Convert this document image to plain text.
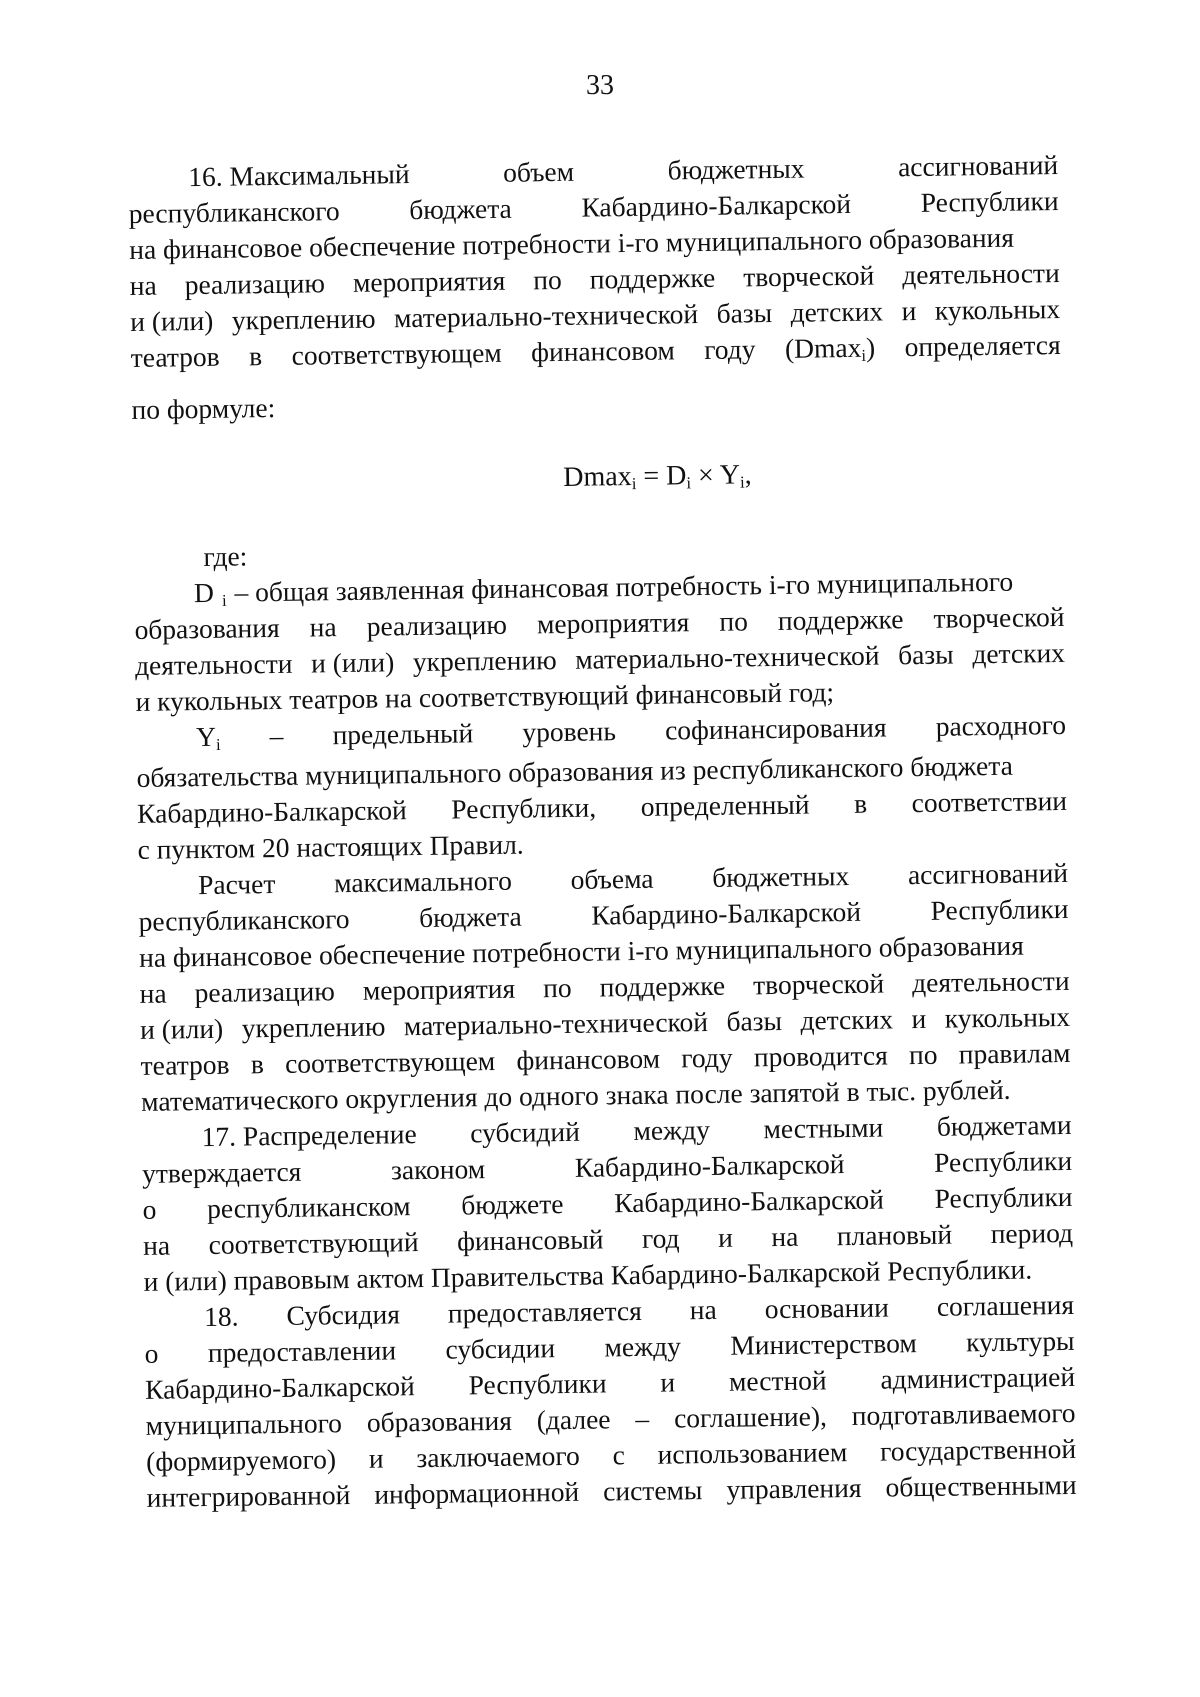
33
16. Максимальный	объем	бюджетных	ассигнований
республиканского	бюджета	Кабардино-Балкарской	Республики
на финансовое обеспечение потребности i-го муниципального образования
на реализацию мероприятия по поддержке творческой деятельности
и (или) укреплению материально-технической базы детских и кукольных
театров в соответствующем финансовом году (Dmax$_i$) определяется
по формуле:
$Dmax_i = D_i \times Y_i$,
где:
D $_i$ – общая заявленная финансовая потребность i-го муниципального
образования на реализацию мероприятия по поддержке творческой
деятельности и (или) укреплению материально-технической базы детских
и кукольных театров на соответствующий финансовый год;
$Y_i$ – предельный уровень софинансирования расходного
обязательства муниципального образования из республиканского бюджета
Кабардино-Балкарской Республики, определенный в соответствии
с пунктом 20 настоящих Правил.
Расчет максимального объема бюджетных ассигнований
республиканского	бюджета	Кабардино-Балкарской	Республики
на финансовое обеспечение потребности i-го муниципального образования
на реализацию мероприятия по поддержке творческой деятельности
и (или) укреплению материально-технической базы детских и кукольных
театров в соответствующем финансовом году проводится по правилам
математического округления до одного знака после запятой в тыс. рублей.
17. Распределение субсидий между местными бюджетами
утверждается	законом	Кабардино-Балкарской	Республики
о республиканском бюджете Кабардино-Балкарской Республики
на соответствующий финансовый год и на плановый период
и (или) правовым актом Правительства Кабардино-Балкарской Республики.
18. Субсидия предоставляется на основании соглашения
о предоставлении субсидии между Министерством культуры
Кабардино-Балкарской Республики и местной администрацией
муниципального образования (далее – соглашение), подготавливаемого
(формируемого) и заключаемого с использованием государственной
интегрированной информационной системы управления общественными
